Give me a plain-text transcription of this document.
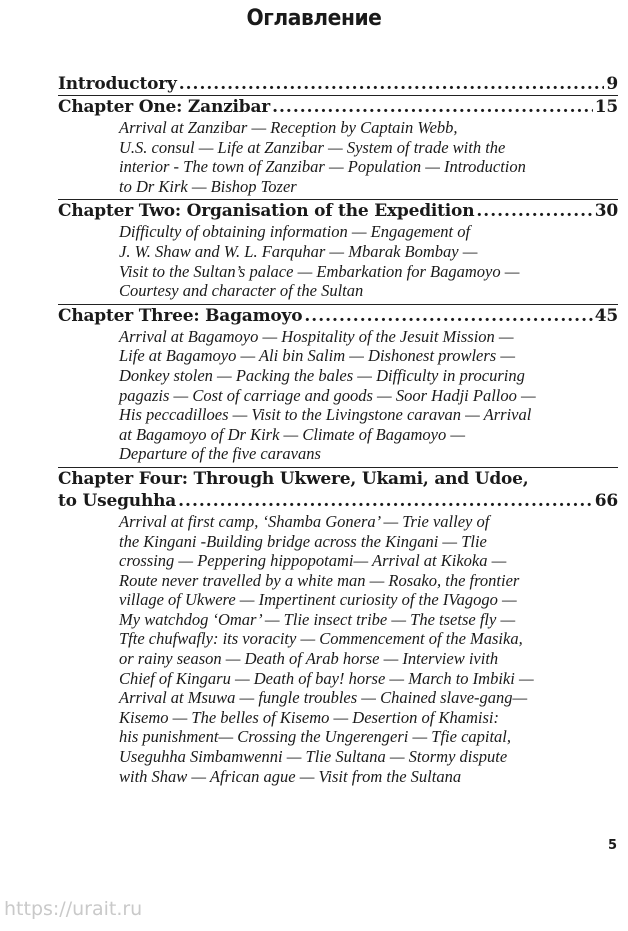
Оглавление
Introductory .....	9
Chapter One: Zanzibar .....	15
Arrival at Zanzibar — Reception by Captain Webb,
U.S. consul — Life at Zanzibar — System of trade with the
interior - The town of Zanzibar — Population — Introduction
to Dr Kirk — Bishop Tozer
Chapter Two: Organisation of the Expedition .....	30
Difficulty of obtaining information — Engagement of
J. W. Shaw and W. L. Farquhar — Mbarak Bombay —
Visit to the Sultan’s palace — Embarkation for Bagamoyo —
Courtesy and character of the Sultan
Chapter Three: Bagamoyo .....	45
Arrival at Bagamoyo — Hospitality of the Jesuit Mission —
Life at Bagamoyo — Ali bin Salim — Dishonest prowlers —
Donkey stolen — Packing the bales — Difficulty in procuring
pagazis — Cost of carriage and goods — Soor Hadji Palloo —
His peccadilloes — Visit to the Livingstone caravan — Arrival
at Bagamoyo of Dr Kirk — Climate of Bagamoyo —
Departure of the five caravans
Chapter Four: Through Ukwere, Ukami, and Udoe,
to Useguhha .....	66
Arrival at first camp, ‘Shamba Gonera’ — Trie valley of
the Kingani -Building bridge across the Kingani — Tlie
crossing — Peppering hippopotami— Arrival at Kikoka —
Route never travelled by a white man — Rosako, the frontier
village of Ukwere — Impertinent curiosity of the IVagogo —
My watchdog ‘Omar’ — Tlie insect tribe — The tsetse fly —
Tfte chufwafly: its voracity — Commencement of the Masika,
or rainy season — Death of Arab horse — Interview ivith
Chief of Kingaru — Death of bay! horse — March to Imbiki —
Arrival at Msuwa — fungle troubles — Chained slave-gang—
Kisemo — The belles of Kisemo — Desertion of Khamisi:
his punishment— Crossing the Ungerengeri — Tfie capital,
Useguhha Simbamwenni — Tlie Sultana — Stormy dispute
with Shaw — African ague — Visit from the Sultana
5
https://urait.ru
